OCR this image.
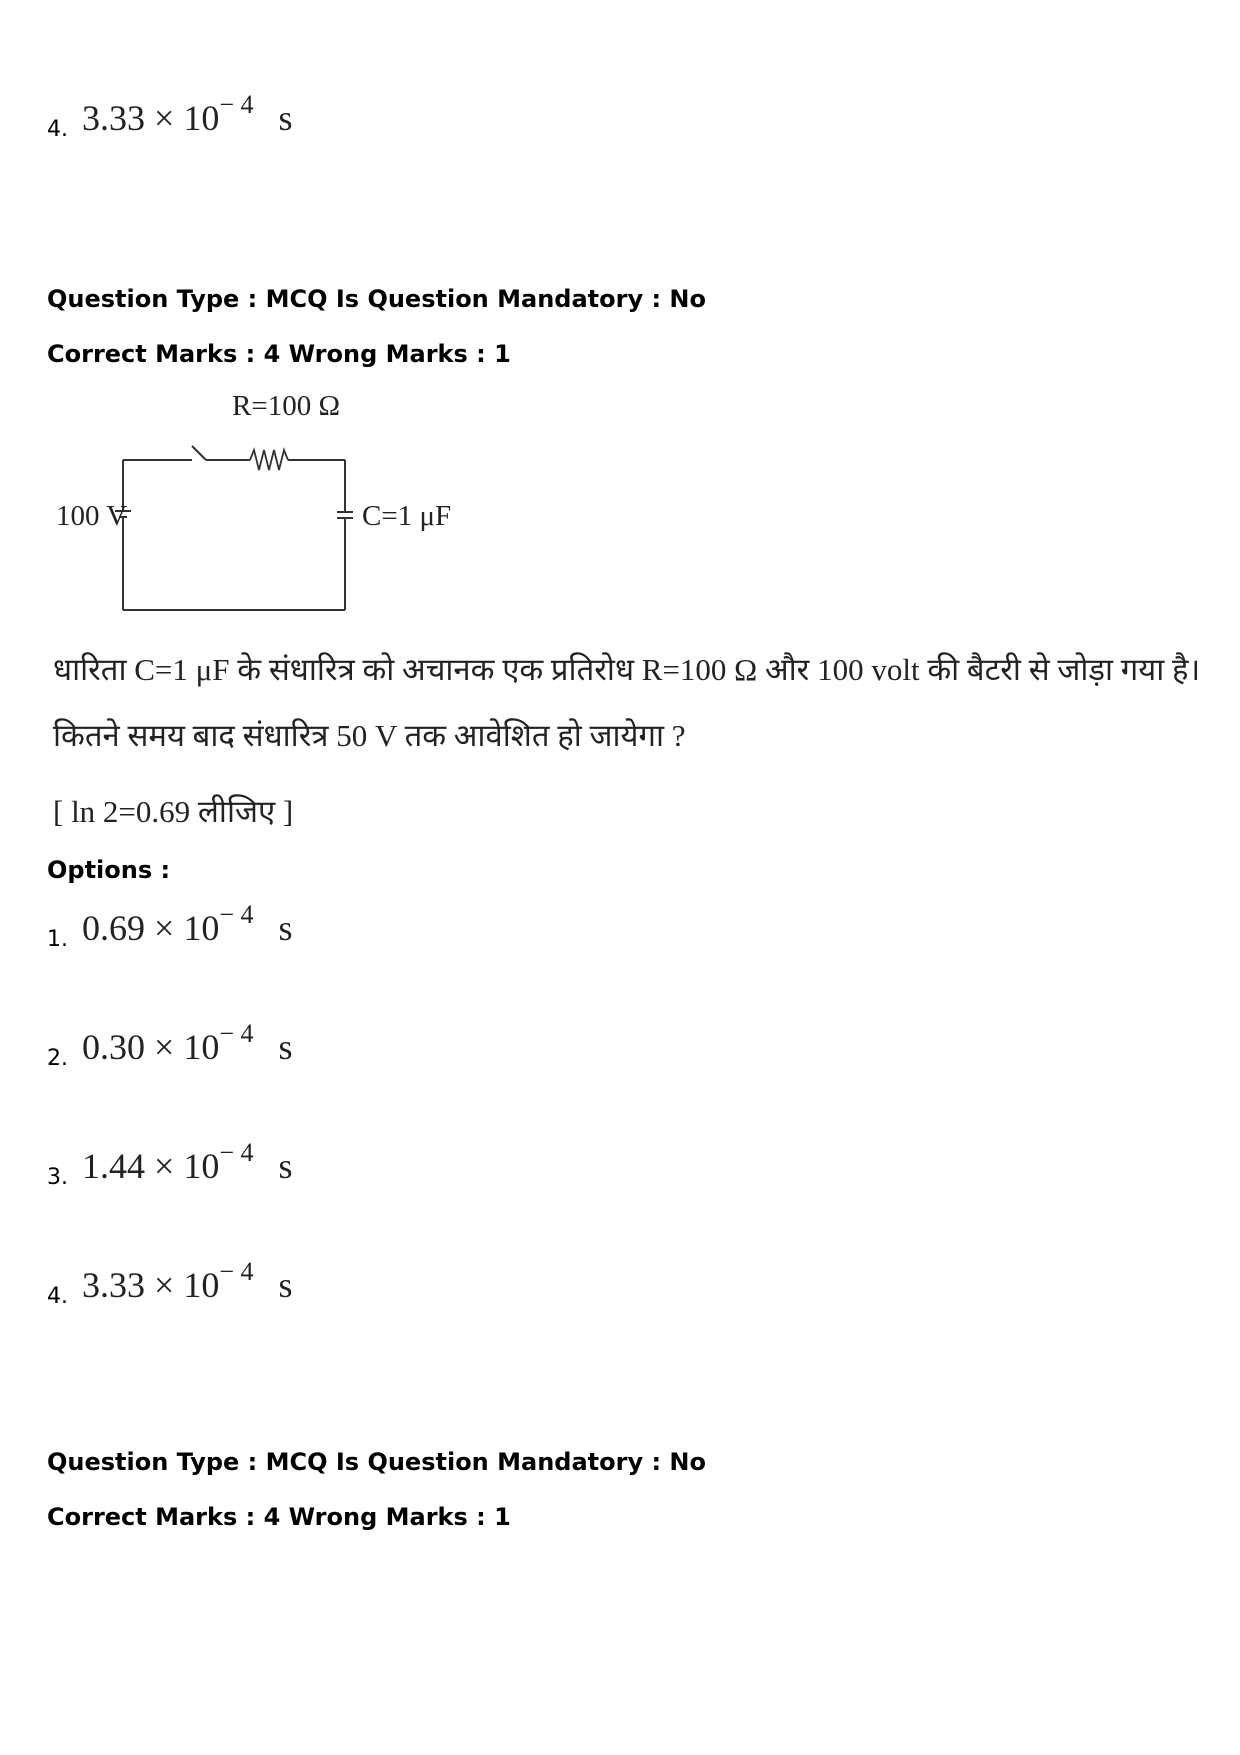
4. $3.33 \times 10^{- 4}$ s
Question Type : MCQ Is Question Mandatory : No
Correct Marks : 4 Wrong Marks : 1
R=100 Ω
100 V	C=1 μF
धारिता C=1 μF के संधारित्र को अचानक एक प्रतिरोध R=100 Ω और 100 volt की बैटरी से जोड़ा गया है।
कितने समय बाद संधारित्र 50 V तक आवेशित हो जायेगा ?
[ ln 2=0.69 लीजिए ]
Options :
1. $0.69 \times 10^{- 4}$ s
2. $0.30 \times 10^{- 4}$ s
3. $1.44 \times 10^{- 4}$ s
4. $3.33 \times 10^{- 4}$ s
Question Type : MCQ Is Question Mandatory : No
Correct Marks : 4 Wrong Marks : 1
